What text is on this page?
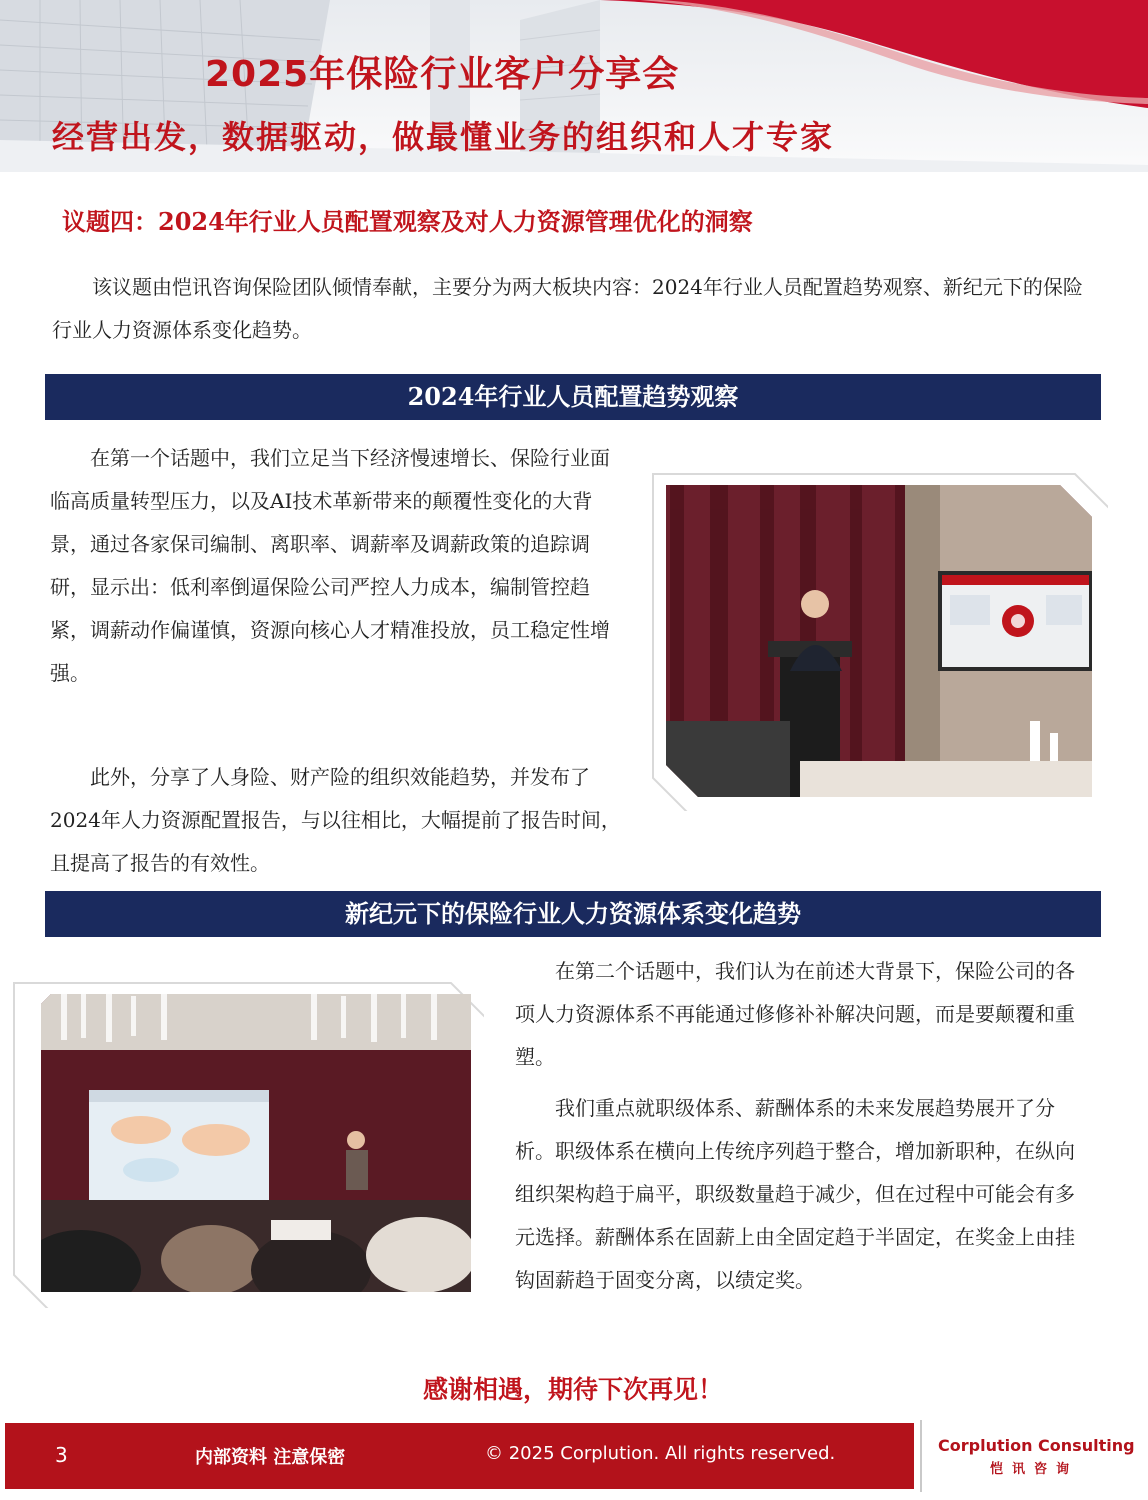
2025年保险行业客户分享会
经营出发，数据驱动，做最懂业务的组织和人才专家
议题四：2024年行业人员配置观察及对人力资源管理优化的洞察
该议题由恺讯咨询保险团队倾情奉献，主要分为两大板块内容：2024年行业人员配置趋势观察、新纪元下的保险行业人力资源体系变化趋势。
2024年行业人员配置趋势观察
在第一个话题中，我们立足当下经济慢速增长、保险行业面临高质量转型压力，以及AI技术革新带来的颠覆性变化的大背景，通过各家保司编制、离职率、调薪率及调薪政策的追踪调研，显示出：低利率倒逼保险公司严控人力成本，编制管控趋紧，调薪动作偏谨慎，资源向核心人才精准投放，员工稳定性增强。
此外，分享了人身险、财产险的组织效能趋势，并发布了2024年人力资源配置报告，与以往相比，大幅提前了报告时间，且提高了报告的有效性。
新纪元下的保险行业人力资源体系变化趋势
在第二个话题中，我们认为在前述大背景下，保险公司的各项人力资源体系不再能通过修修补补解决问题，而是要颠覆和重塑。
我们重点就职级体系、薪酬体系的未来发展趋势展开了分析。职级体系在横向上传统序列趋于整合，增加新职种，在纵向组织架构趋于扁平，职级数量趋于减少，但在过程中可能会有多元选择。薪酬体系在固薪上由全固定趋于半固定，在奖金上由挂钩固薪趋于固变分离，以绩定奖。
感谢相遇，期待下次再见！
3	内部资料 注意保密	© 2025 Corplution. All rights reserved.	Corplution Consulting
恺讯咨询
